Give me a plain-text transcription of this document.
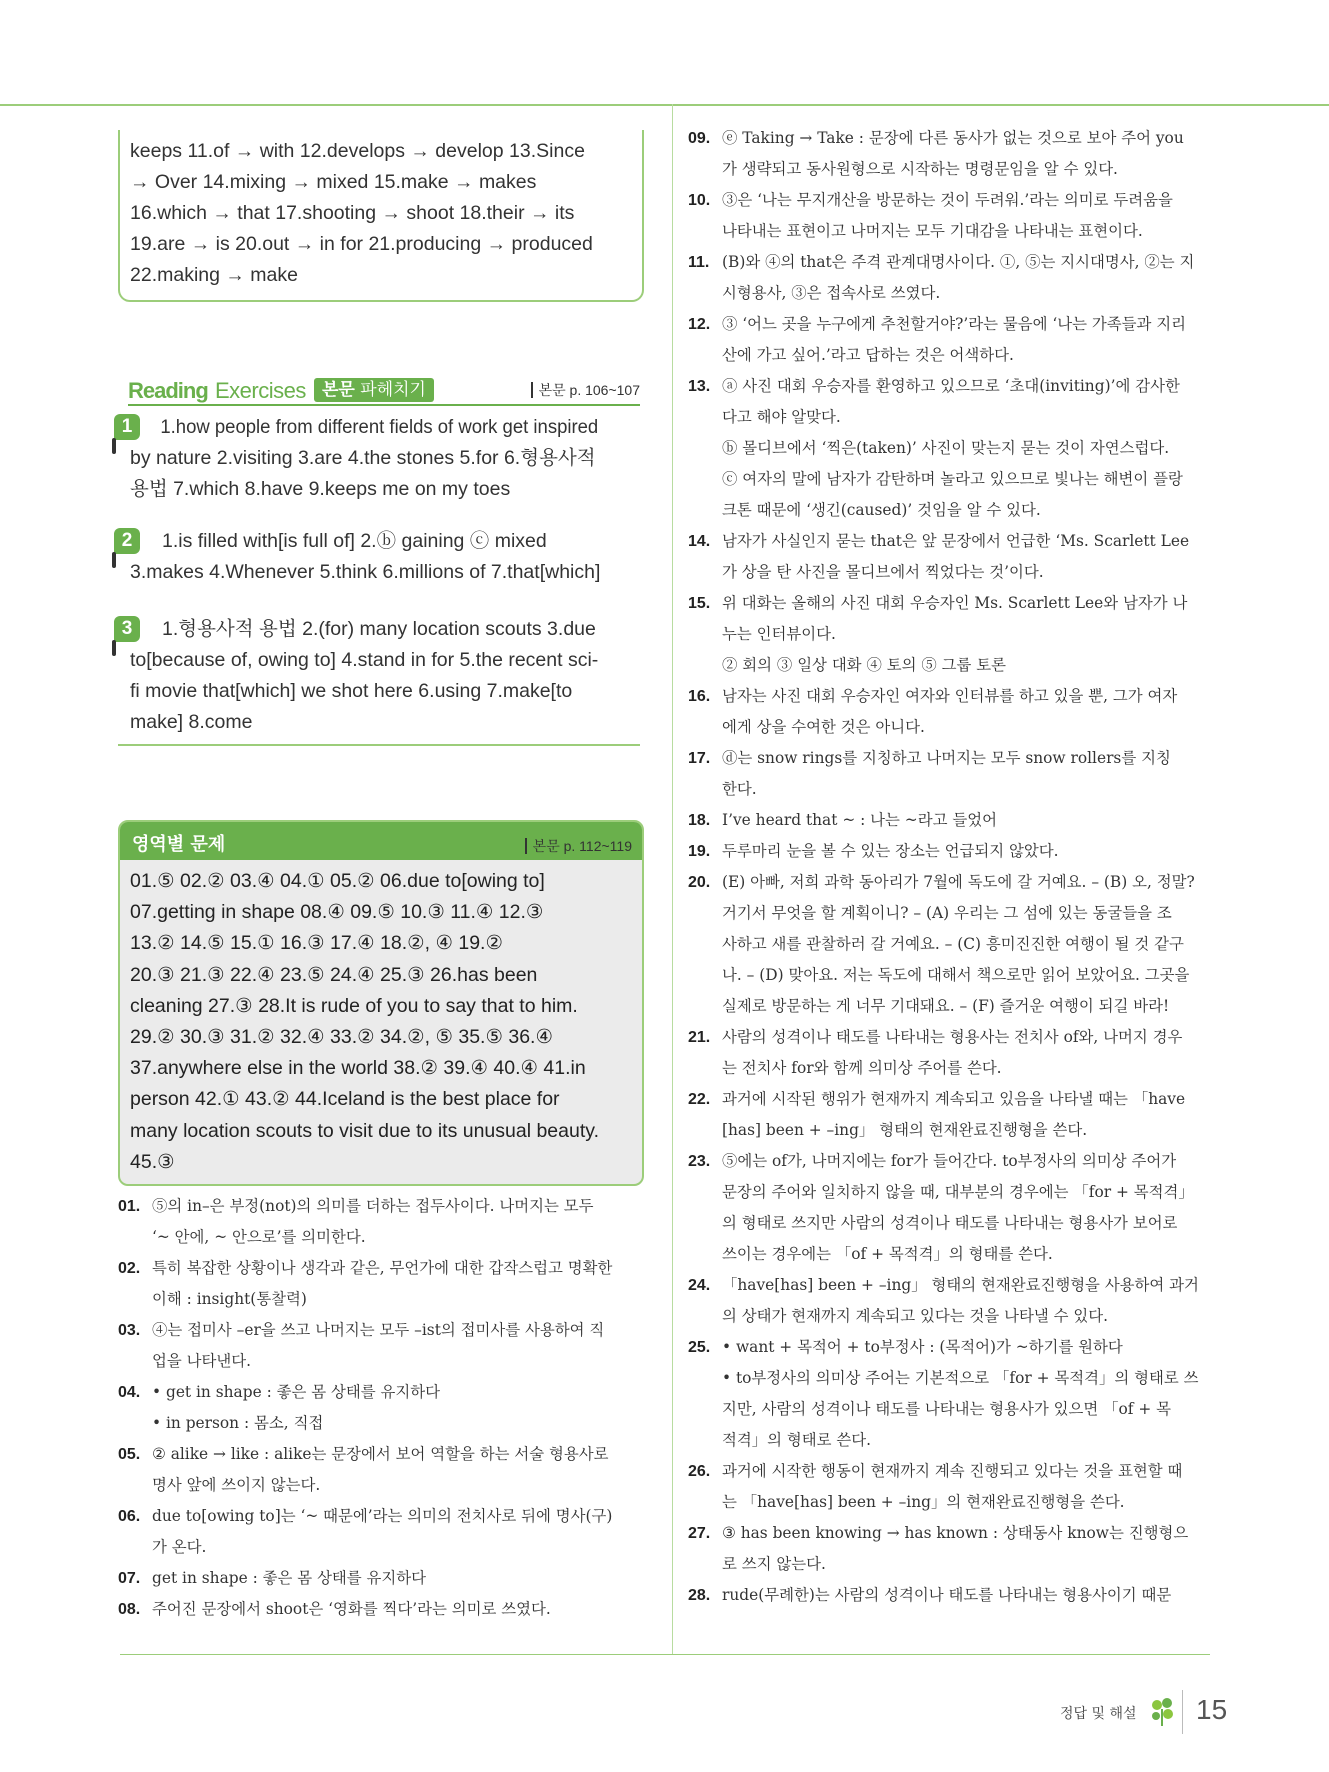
keeps 11.of → with 12.develops → develop 13.Since
→ Over 14.mixing → mixed 15.make → makes
16.which → that 17.shooting → shoot 18.their → its
19.are → is 20.out → in for 21.producing → produced
22.making → make
Reading Exercises 본문 파헤치기	본문 p. 106~107
1	1.how people from different fields of work get inspired
by nature 2.visiting 3.are 4.the stones 5.for 6.형용사적
용법 7.which 8.have 9.keeps me on my toes
2	1.is filled with[is full of] 2.ⓑ gaining ⓒ mixed
3.makes 4.Whenever 5.think 6.millions of 7.that[which]
3	1.형용사적 용법 2.(for) many location scouts 3.due
to[because of, owing to] 4.stand in for 5.the recent sci-
fi movie that[which] we shot here 6.using 7.make[to
make] 8.come
영역별 문제	본문 p. 112~119
01.⑤ 02.② 03.④ 04.① 05.② 06.due to[owing to]
07.getting in shape 08.④ 09.⑤ 10.③ 11.④ 12.③
13.② 14.⑤ 15.① 16.③ 17.④ 18.②, ④ 19.②
20.③ 21.③ 22.④ 23.⑤ 24.④ 25.③ 26.has been
cleaning 27.③ 28.It is rude of you to say that to him.
29.② 30.③ 31.② 32.④ 33.② 34.②, ⑤ 35.⑤ 36.④
37.anywhere else in the world 38.② 39.④ 40.④ 41.in
person 42.① 43.② 44.Iceland is the best place for
many location scouts to visit due to its unusual beauty.
45.③
01. ⑤의 in–은 부정(not)의 의미를 더하는 접두사이다. 나머지는 모두
‘~ 안에, ~ 안으로’를 의미한다.
02. 특히 복잡한 상황이나 생각과 같은, 무언가에 대한 갑작스럽고 명확한
이해 : insight(통찰력)
03. ④는 접미사 –er을 쓰고 나머지는 모두 –ist의 접미사를 사용하여 직
업을 나타낸다.
04. • get in shape : 좋은 몸 상태를 유지하다
• in person : 몸소, 직접
05. ② alike → like : alike는 문장에서 보어 역할을 하는 서술 형용사로
명사 앞에 쓰이지 않는다.
06. due to[owing to]는 ‘~ 때문에’라는 의미의 전치사로 뒤에 명사(구)
가 온다.
07. get in shape : 좋은 몸 상태를 유지하다
08. 주어진 문장에서 shoot은 ‘영화를 찍다’라는 의미로 쓰였다.
09. ⓔ Taking → Take : 문장에 다른 동사가 없는 것으로 보아 주어 you
가 생략되고 동사원형으로 시작하는 명령문임을 알 수 있다.
10. ③은 ‘나는 무지개산을 방문하는 것이 두려워.’라는 의미로 두려움을
나타내는 표현이고 나머지는 모두 기대감을 나타내는 표현이다.
11. (B)와 ④의 that은 주격 관계대명사이다. ①, ⑤는 지시대명사, ②는 지
시형용사, ③은 접속사로 쓰였다.
12. ③ ‘어느 곳을 누구에게 추천할거야?’라는 물음에 ‘나는 가족들과 지리
산에 가고 싶어.’라고 답하는 것은 어색하다.
13. ⓐ 사진 대회 우승자를 환영하고 있으므로 ‘초대(inviting)’에 감사한
다고 해야 알맞다.
ⓑ 몰디브에서 ‘찍은(taken)’ 사진이 맞는지 묻는 것이 자연스럽다.
ⓒ 여자의 말에 남자가 감탄하며 놀라고 있으므로 빛나는 해변이 플랑
크톤 때문에 ‘생긴(caused)’ 것임을 알 수 있다.
14. 남자가 사실인지 묻는 that은 앞 문장에서 언급한 ‘Ms. Scarlett Lee
가 상을 탄 사진을 몰디브에서 찍었다는 것’이다.
15. 위 대화는 올해의 사진 대회 우승자인 Ms. Scarlett Lee와 남자가 나
누는 인터뷰이다.
② 회의 ③ 일상 대화 ④ 토의 ⑤ 그룹 토론
16. 남자는 사진 대회 우승자인 여자와 인터뷰를 하고 있을 뿐, 그가 여자
에게 상을 수여한 것은 아니다.
17. ⓓ는 snow rings를 지칭하고 나머지는 모두 snow rollers를 지칭
한다.
18. I’ve heard that ~ : 나는 ~라고 들었어
19. 두루마리 눈을 볼 수 있는 장소는 언급되지 않았다.
20. (E) 아빠, 저희 과학 동아리가 7월에 독도에 갈 거예요. – (B) 오, 정말?
거기서 무엇을 할 계획이니? – (A) 우리는 그 섬에 있는 동굴들을 조
사하고 새를 관찰하러 갈 거예요. – (C) 흥미진진한 여행이 될 것 같구
나. – (D) 맞아요. 저는 독도에 대해서 책으로만 읽어 보았어요. 그곳을
실제로 방문하는 게 너무 기대돼요. – (F) 즐거운 여행이 되길 바라!
21. 사람의 성격이나 태도를 나타내는 형용사는 전치사 of와, 나머지 경우
는 전치사 for와 함께 의미상 주어를 쓴다.
22. 과거에 시작된 행위가 현재까지 계속되고 있음을 나타낼 때는 「have
[has] been + –ing」 형태의 현재완료진행형을 쓴다.
23. ⑤에는 of가, 나머지에는 for가 들어간다. to부정사의 의미상 주어가
문장의 주어와 일치하지 않을 때, 대부분의 경우에는 「for + 목적격」
의 형태로 쓰지만 사람의 성격이나 태도를 나타내는 형용사가 보어로
쓰이는 경우에는 「of + 목적격」의 형태를 쓴다.
24. 「have[has] been + –ing」 형태의 현재완료진행형을 사용하여 과거
의 상태가 현재까지 계속되고 있다는 것을 나타낼 수 있다.
25. • want + 목적어 + to부정사 : (목적어)가 ~하기를 원하다
• to부정사의 의미상 주어는 기본적으로 「for + 목적격」의 형태로 쓰
지만, 사람의 성격이나 태도를 나타내는 형용사가 있으면 「of + 목
적격」의 형태로 쓴다.
26. 과거에 시작한 행동이 현재까지 계속 진행되고 있다는 것을 표현할 때
는 「have[has] been + –ing」의 현재완료진행형을 쓴다.
27. ③ has been knowing → has known : 상태동사 know는 진행형으
로 쓰지 않는다.
28. rude(무례한)는 사람의 성격이나 태도를 나타내는 형용사이기 때문
정답 및 해설 15
